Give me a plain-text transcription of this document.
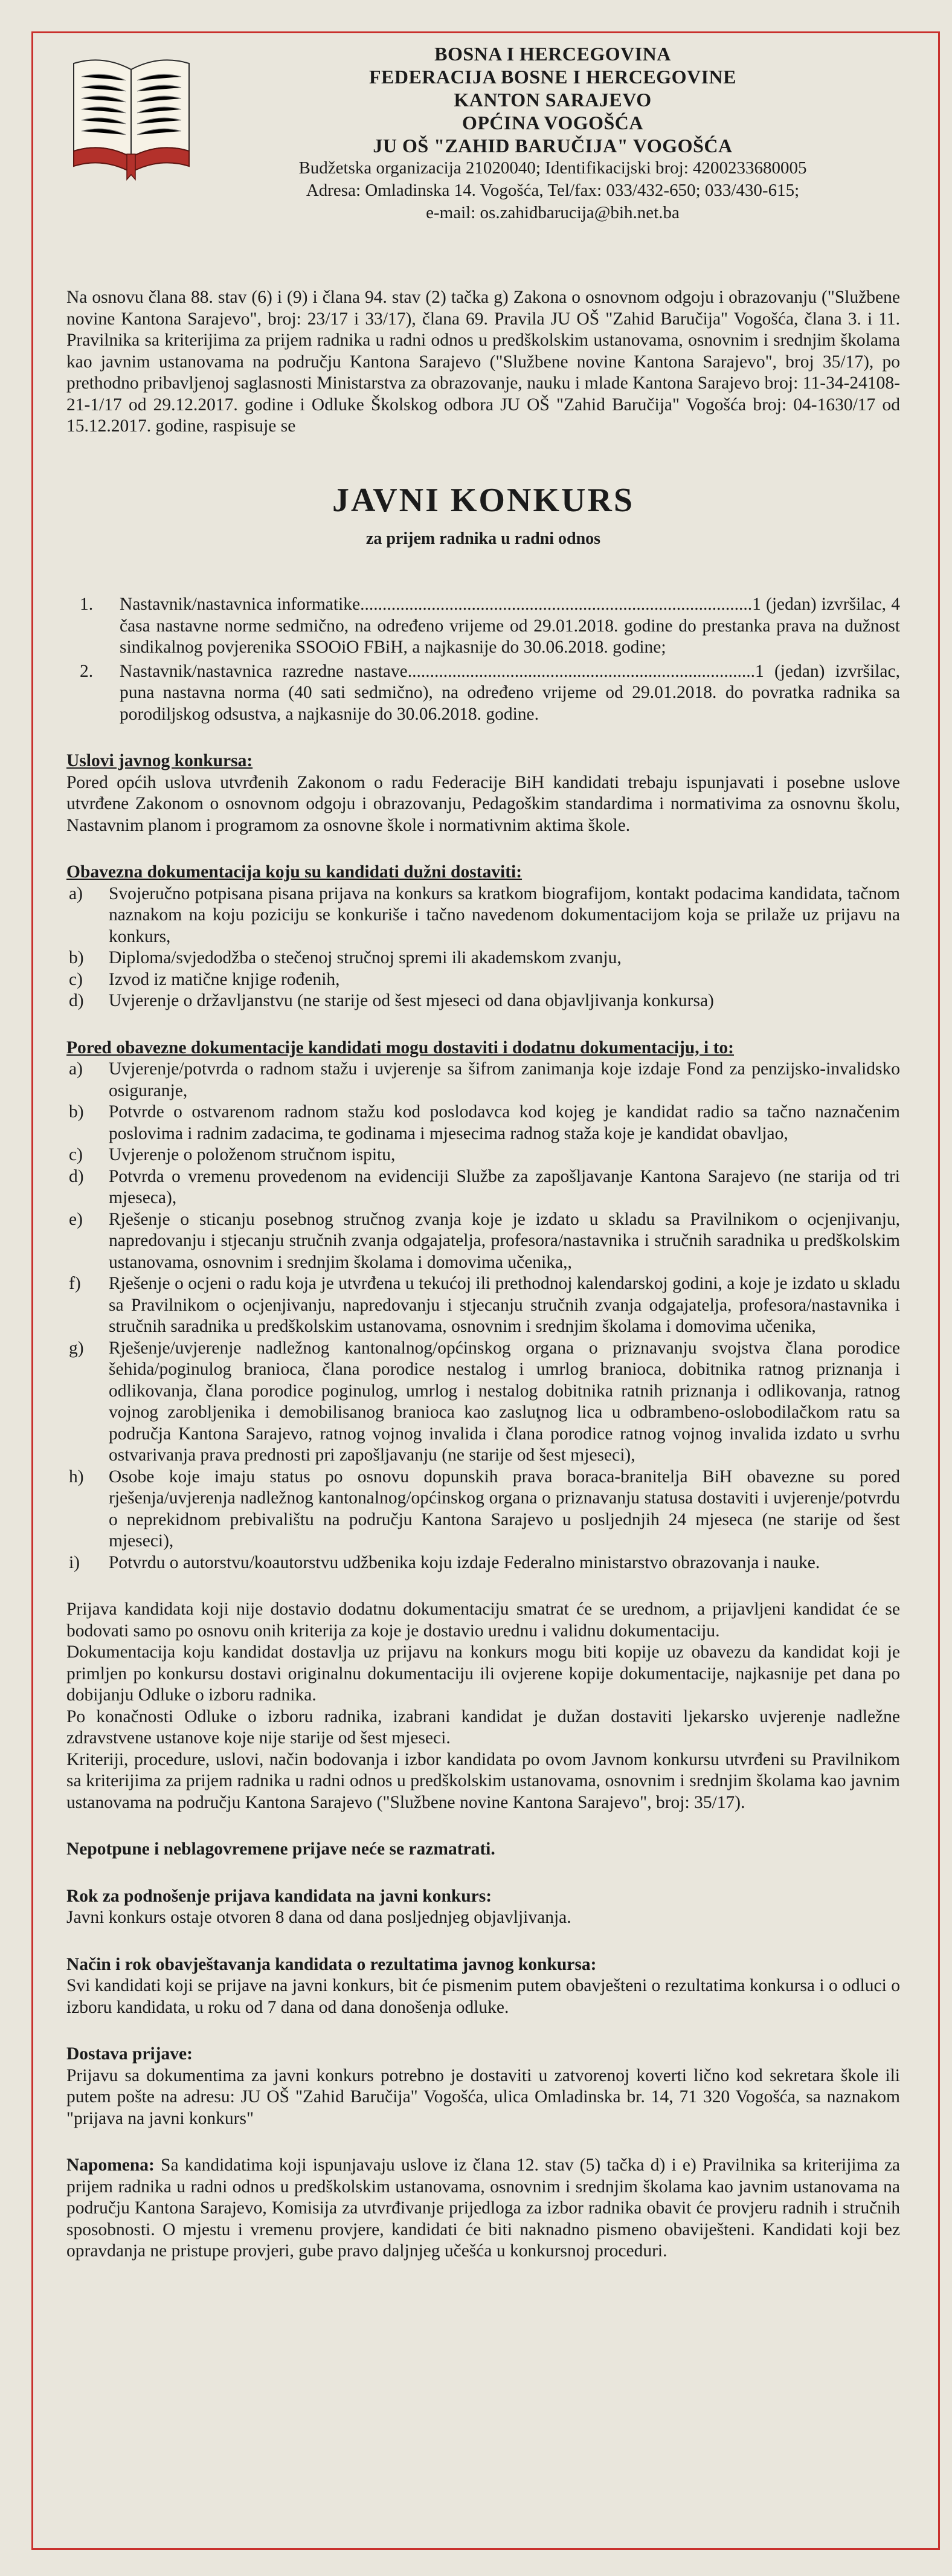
BOSNA I HERCEGOVINA
FEDERACIJA BOSNE I HERCEGOVINE
KANTON SARAJEVO
OPĆINA VOGOŠĆA
JU OŠ "ZAHID BARUČIJA" VOGOŠĆA
Budžetska organizacija 21020040; Identifikacijski broj: 4200233680005
Adresa: Omladinska 14. Vogošća, Tel/fax: 033/432-650; 033/430-615;
e-mail: os.zahidbarucija@bih.net.ba

Na osnovu člana 88. stav (6) i (9) i člana 94. stav (2) tačka g) Zakona o osnovnom odgoju i obrazovanju ("Službene novine Kantona Sarajevo", broj: 23/17 i 33/17), člana 69. Pravila JU OŠ "Zahid Baručija" Vogošća, člana 3. i 11. Pravilnika sa kriterijima za prijem radnika u radni odnos u predškolskim ustanovama, osnovnim i srednjim školama kao javnim ustanovama na području Kantona Sarajevo ("Službene novine Kantona Sarajevo", broj 35/17), po prethodno pribavljenoj saglasnosti Ministarstva za obrazovanje, nauku i mlade Kantona Sarajevo broj: 11-34-24108-21-1/17 od 29.12.2017. godine i Odluke Školskog odbora JU OŠ "Zahid Baručija" Vogošća broj: 04-1630/17 od 15.12.2017. godine, raspisuje se

JAVNI KONKURS
za prijem radnika u radni odnos
1.	Nastavnik/nastavnica informatike........................................................................................1 (jedan) izvršilac, 4 časa nastavne norme sedmično, na određeno vrijeme od 29.01.2018. godine do prestanka prava na dužnost sindikalnog povjerenika SSOOiO FBiH, a najkasnije do 30.06.2018. godine;
2.	Nastavnik/nastavnica razredne nastave..............................................................................1 (jedan) izvršilac, puna nastavna norma (40 sati sedmično), na određeno vrijeme od 29.01.2018. do povratka radnika sa porodiljskog odsustva, a najkasnije do 30.06.2018. godine.
Uslovi javnog konkursa:

Pored općih uslova utvrđenih Zakonom o radu Federacije BiH kandidati trebaju ispunjavati i posebne uslove utvrđene Zakonom o osnovnom odgoju i obrazovanju, Pedagoškim standardima i normativima za osnovnu školu, Nastavnim planom i programom za osnovne škole i normativnim aktima škole.

Obavezna dokumentacija koju su kandidati dužni dostaviti:
a)	Svojeručno potpisana pisana prijava na konkurs sa kratkom biografijom, kontakt podacima kandidata, tačnom naznakom na koju poziciju se konkuriše i tačno navedenom dokumentacijom koja se prilaže uz prijavu na konkurs,
b)	Diploma/svjedodžba o stečenoj stručnoj spremi ili akademskom zvanju,
c)	Izvod iz matične knjige rođenih,
d)	Uvjerenje o državljanstvu (ne starije od šest mjeseci od dana objavljivanja konkursa)
Pored obavezne dokumentacije kandidati mogu dostaviti i dodatnu dokumentaciju, i to:
a)	Uvjerenje/potvrda o radnom stažu i uvjerenje sa šifrom zanimanja koje izdaje Fond za penzijsko-invalidsko osiguranje,
b)	Potvrde o ostvarenom radnom stažu kod poslodavca kod kojeg je kandidat radio sa tačno naznačenim poslovima i radnim zadacima, te godinama i mjesecima radnog staža koje je kandidat obavljao,
c)	Uvjerenje o položenom stručnom ispitu,
d)	Potvrda o vremenu provedenom na evidenciji Službe za zapošljavanje Kantona Sarajevo (ne starija od tri mjeseca),
e)	Rješenje o sticanju posebnog stručnog zvanja koje je izdato u skladu sa Pravilnikom o ocjenjivanju, napredovanju i stjecanju stručnih zvanja odgajatelja, profesora/nastavnika i stručnih saradnika u predškolskim ustanovama, osnovnim i srednjim školama i domovima učenika,,
f)	Rješenje o ocjeni o radu koja je utvrđena u tekućoj ili prethodnoj kalendarskoj godini, a koje je izdato u skladu sa Pravilnikom o ocjenjivanju, napredovanju i stjecanju stručnih zvanja odgajatelja, profesora/nastavnika i stručnih saradnika u predškolskim ustanovama, osnovnim i srednjim školama i domovima učenika,
g)	Rješenje/uvjerenje nadležnog kantonalnog/općinskog organa o priznavanju svojstva člana porodice šehida/poginulog branioca, člana porodice nestalog i umrlog branioca, dobitnika ratnog priznanja i odlikovanja, člana porodice poginulog, umrlog i nestalog dobitnika ratnih priznanja i odlikovanja, ratnog vojnog zarobljenika i demobilisanog branioca kao zasluţnog lica u odbrambeno-oslobodilačkom ratu sa područja Kantona Sarajevo, ratnog vojnog invalida i člana porodice ratnog vojnog invalida izdato u svrhu ostvarivanja prava prednosti pri zapošljavanju (ne starije od šest mjeseci),
h)	Osobe koje imaju status po osnovu dopunskih prava boraca-branitelja BiH obavezne su pored rješenja/uvjerenja nadležnog kantonalnog/općinskog organa o priznavanju statusa dostaviti i uvjerenje/potvrdu o neprekidnom prebivalištu na području Kantona Sarajevo u posljednjih 24 mjeseca (ne starije od šest mjeseci),
i)	Potvrdu o autorstvu/koautorstvu udžbenika koju izdaje Federalno ministarstvo obrazovanja i nauke.

Prijava kandidata koji nije dostavio dodatnu dokumentaciju smatrat će se urednom, a prijavljeni kandidat će se bodovati samo po osnovu onih kriterija za koje je dostavio urednu i validnu dokumentaciju.

Dokumentacija koju kandidat dostavlja uz prijavu na konkurs mogu biti kopije uz obavezu da kandidat koji je primljen po konkursu dostavi originalnu dokumentaciju ili ovjerene kopije dokumentacije, najkasnije pet dana po dobijanju Odluke o izboru radnika.

Po konačnosti Odluke o izboru radnika, izabrani kandidat je dužan dostaviti ljekarsko uvjerenje nadležne zdravstvene ustanove koje nije starije od šest mjeseci.

Kriteriji, procedure, uslovi, način bodovanja i izbor kandidata po ovom Javnom konkursu utvrđeni su Pravilnikom sa kriterijima za prijem radnika u radni odnos u predškolskim ustanovama, osnovnim i srednjim školama kao javnim ustanovama na području Kantona Sarajevo ("Službene novine Kantona Sarajevo", broj: 35/17).

Nepotpune i neblagovremene prijave neće se razmatrati.
Rok za podnošenje prijava kandidata na javni konkurs:

Javni konkurs ostaje otvoren 8 dana od dana posljednjeg objavljivanja.

Način i rok obavještavanja kandidata o rezultatima javnog konkursa:

Svi kandidati koji se prijave na javni konkurs, bit će pismenim putem obavješteni o rezultatima konkursa i o odluci o izboru kandidata, u roku od 7 dana od dana donošenja odluke.

Dostava prijave:

Prijavu sa dokumentima za javni konkurs potrebno je dostaviti u zatvorenoj koverti lično kod sekretara škole ili putem pošte na adresu: JU OŠ "Zahid Baručija" Vogošća, ulica Omladinska br. 14, 71 320 Vogošća, sa naznakom "prijava na javni konkurs"

Napomena: Sa kandidatima koji ispunjavaju uslove iz člana 12. stav (5) tačka d) i e) Pravilnika sa kriterijima za prijem radnika u radni odnos u predškolskim ustanovama, osnovnim i srednjim školama kao javnim ustanovama na području Kantona Sarajevo, Komisija za utvrđivanje prijedloga za izbor radnika obavit će provjeru radnih i stručnih sposobnosti. O mjestu i vremenu provjere, kandidati će biti naknadno pismeno obaviješteni. Kandidati koji bez opravdanja ne pristupe provjeri, gube pravo daljnjeg učešća u konkursnoj proceduri.
